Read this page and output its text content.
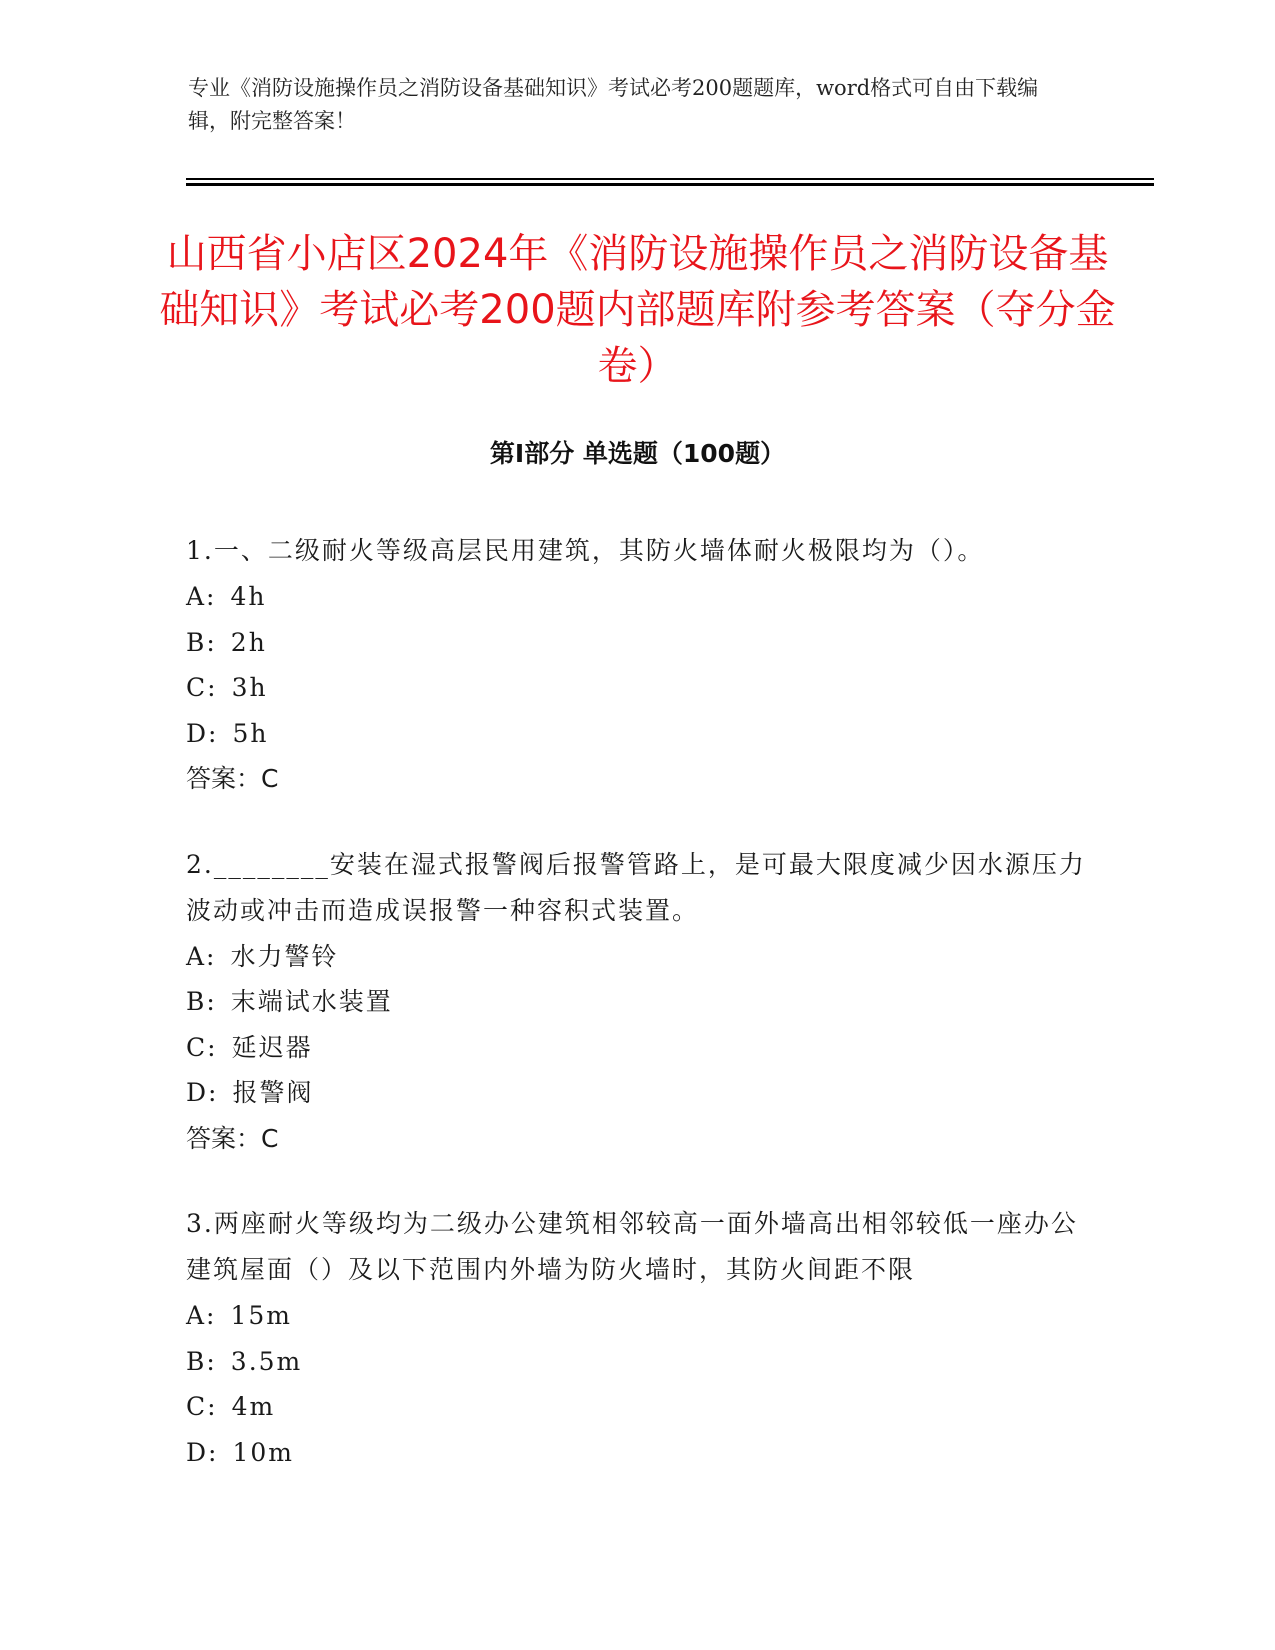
专业《消防设施操作员之消防设备基础知识》考试必考200题题库，word格式可自由下载编辑，附完整答案！
山西省小店区2024年《消防设施操作员之消防设备基础知识》考试必考200题内部题库附参考答案（夺分金卷）
第Ⅰ部分 单选题（100题）
1.一、二级耐火等级高层民用建筑，其防火墙体耐火极限均为（）。
A: 4h
B: 2h
C: 3h
D: 5h
答案：C
2.________安装在湿式报警阀后报警管路上，是可最大限度减少因水源压力波动或冲击而造成误报警一种容积式装置。
A: 水力警铃
B: 末端试水装置
C: 延迟器
D: 报警阀
答案：C
3.两座耐火等级均为二级办公建筑相邻较高一面外墙高出相邻较低一座办公建筑屋面（）及以下范围内外墙为防火墙时，其防火间距不限
A: 15m
B: 3.5m
C: 4m
D: 10m
